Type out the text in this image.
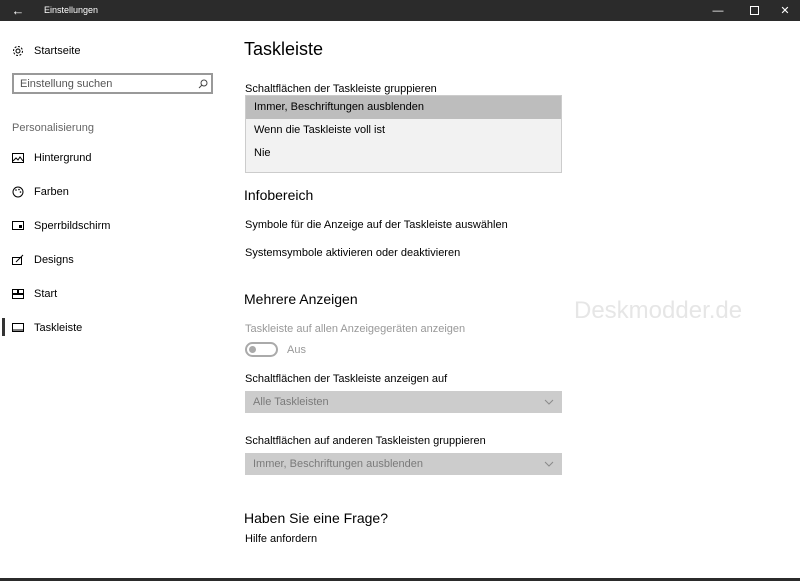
← Einstellungen	—	✕
Startseite
Einstellung suchen
Personalisierung
Hintergrund
Farben
Sperrbildschirm
Designs
Start
Taskleiste
Taskleiste
Schaltflächen der Taskleiste gruppieren
Immer, Beschriftungen ausblenden
Wenn die Taskleiste voll ist
Nie
Infobereich
Symbole für die Anzeige auf der Taskleiste auswählen
Systemsymbole aktivieren oder deaktivieren
Deskmodder.de
Mehrere Anzeigen
Taskleiste auf allen Anzeigegeräten anzeigen
Aus
Schaltflächen der Taskleiste anzeigen auf
Alle Taskleisten
Schaltflächen auf anderen Taskleisten gruppieren
Immer, Beschriftungen ausblenden
Haben Sie eine Frage?
Hilfe anfordern
